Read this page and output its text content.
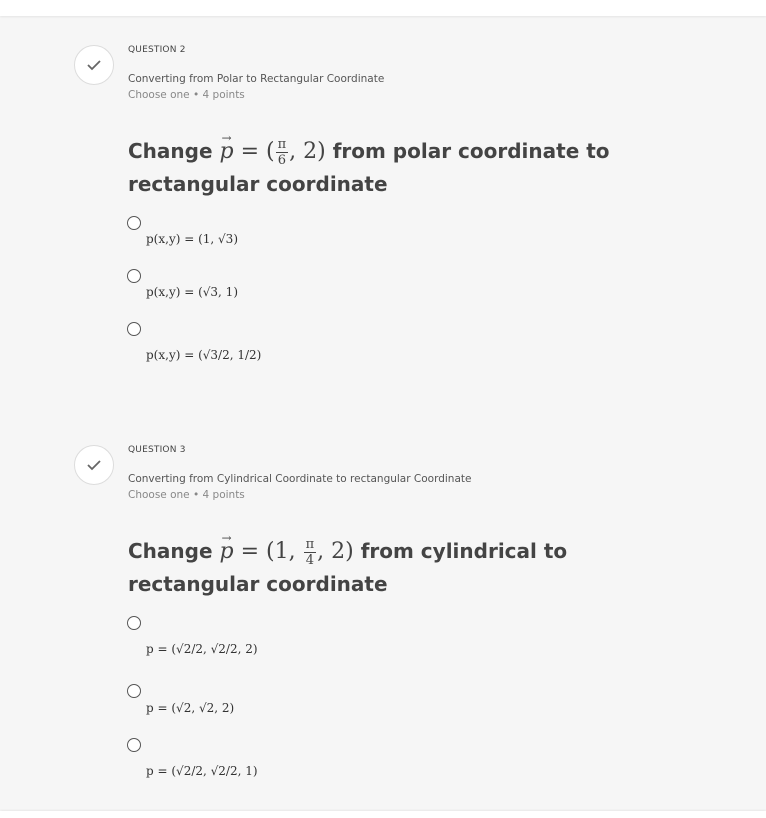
QUESTION 2
Converting from Polar to Rectangular Coordinate
Choose one • 4 points
Change → p = ( $\frac{\pi}{6}$ , 2) from polar coordinate to rectangular coordinate
p(x,y) = (1, √3)
p(x,y) = (√3, 1)
p(x,y) = (√3/2, 1/2)
QUESTION 3
Converting from Cylindrical Coordinate to rectangular Coordinate
Choose one • 4 points
Change → p = (1, $\frac{\pi}{4}$ , 2) from cylindrical to rectangular coordinate
p = (√2/2, √2/2, 2)
p = (√2, √2, 2)
p = (√2/2, √2/2, 1)
